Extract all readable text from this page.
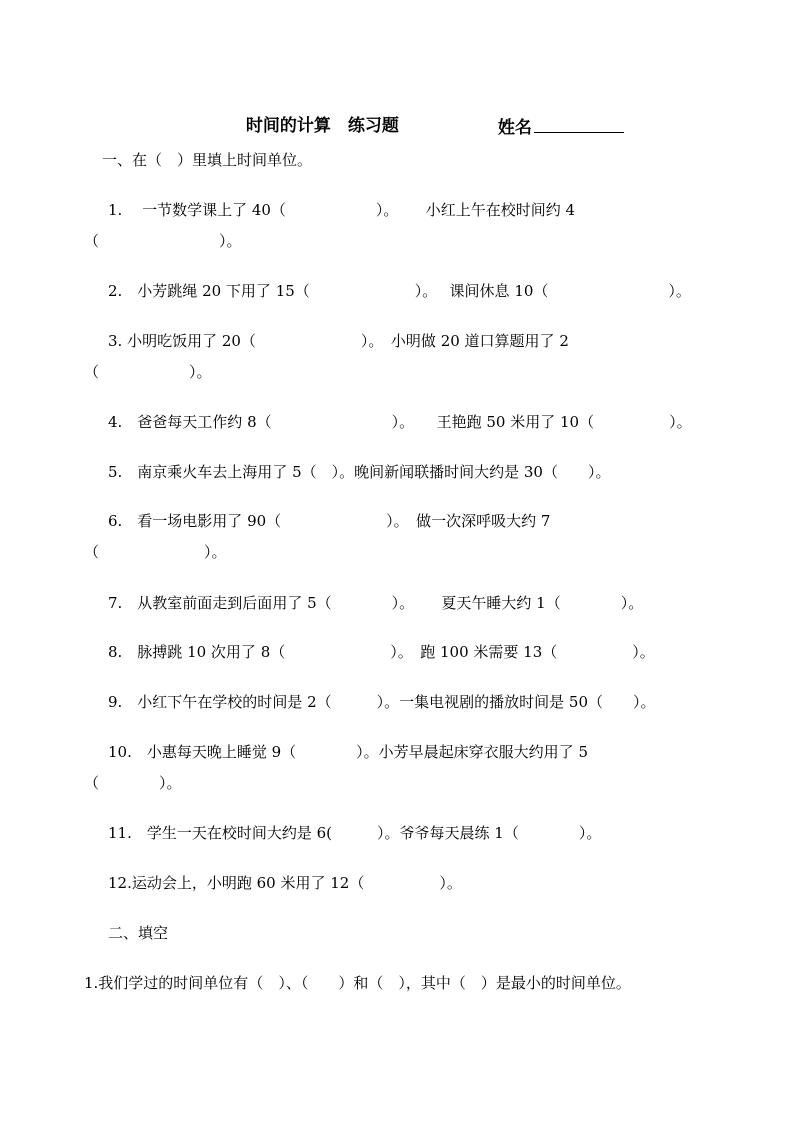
时间的计算　练习题	姓名

一、在（　）里填上时间单位。
1.　 一节数学课上了 40（　　　　　　）。　　 小红上午在校时间约 4
（　　　　　　　　）。
2.　小芳跳绳 20 下用了 15（　　　　　　　）。　 课间休息 10（　　　　　　　　）。
3. 小明吃饭用了 20（　　　　　　　）。　小明做 20 道口算题用了 2
（　　　　　　）。
4.　爸爸每天工作约 8（　　　　　　　　）。　　王艳跑 50 米用了 10（　　　　　）。
5.　南京乘火车去上海用了 5（　）。晚间新闻联播时间大约是 30（　　）。
6.　看一场电影用了 90（　　　　　　　）。　做一次深呼吸大约 7
（　　　　　　　）。
7.　从教室前面走到后面用了 5（　　　　）。　　 夏天午睡大约 1（　　　　）。
8.　脉搏跳 10 次用了 8（　　　　　　　）。　跑 100 米需要 13（　　　　　）。
9.　小红下午在学校的时间是 2（　　　）。一集电视剧的播放时间是 50（　　）。
10.　小惠每天晚上睡觉 9（　　　　）。小芳早晨起床穿衣服大约用了 5
（　　　　）。
11.　学生一天在校时间大约是 6(　　　）。爷爷每天晨练 1（　　　　）。
12.运动会上，小明跑 60 米用了 12（　　　　　）。
二、填空
1.我们学过的时间单位有（　）、（　　）和（　），其中（　）是最小的时间单位。
